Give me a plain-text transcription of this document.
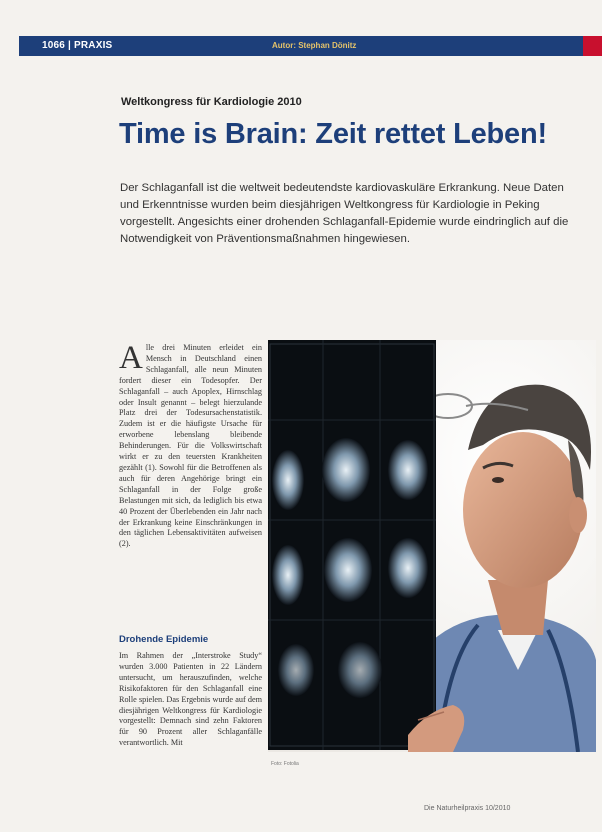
1066 | PRAXIS	Autor: Stephan Dönitz
Weltkongress für Kardiologie 2010
Time is Brain: Zeit rettet Leben!

Der Schlaganfall ist die weltweit bedeutendste kardiovaskuläre Erkrankung. Neue Daten und Erkenntnisse wurden beim diesjährigen Weltkongress für Kardiologie in Peking vorgestellt. Angesichts einer drohenden Schlaganfall-Epidemie wurde eindringlich auf die Notwendigkeit von Präventionsmaßnahmen hingewiesen.

Alle drei Minuten erleidet ein Mensch in Deutschland einen Schlaganfall, alle neun Minuten fordert dieser ein Todesopfer. Der Schlaganfall – auch Apoplex, Hirnschlag oder Insult genannt – belegt hierzulande Platz drei der Todesursachenstatistik. Zudem ist er die häufigste Ursache für erworbene lebenslang bleibende Behinderungen. Für die Volkswirtschaft wirkt er zu den teuersten Krankheiten gezählt (1). Sowohl für die Betroffenen als auch für deren Angehörige bringt ein Schlaganfall in der Folge große Belastungen mit sich, da lediglich bis etwa 40 Prozent der Überlebenden ein Jahr nach der Erkrankung keine Einschränkungen in den täglichen Lebensaktivitäten aufweisen (2).

Drohende Epidemie

Im Rahmen der „Interstroke Study“ wurden 3.000 Patienten in 22 Ländern untersucht, um herauszufinden, welche Risikofaktoren für den Schlaganfall eine Rolle spielen. Das Ergebnis wurde auf dem diesjährigen Weltkongress für Kardiologie vorgestellt: Demnach sind zehn Faktoren für 90 Prozent aller Schlaganfälle verantwortlich. Mit

Foto: Fotolia
Die Naturheilpraxis 10/2010
